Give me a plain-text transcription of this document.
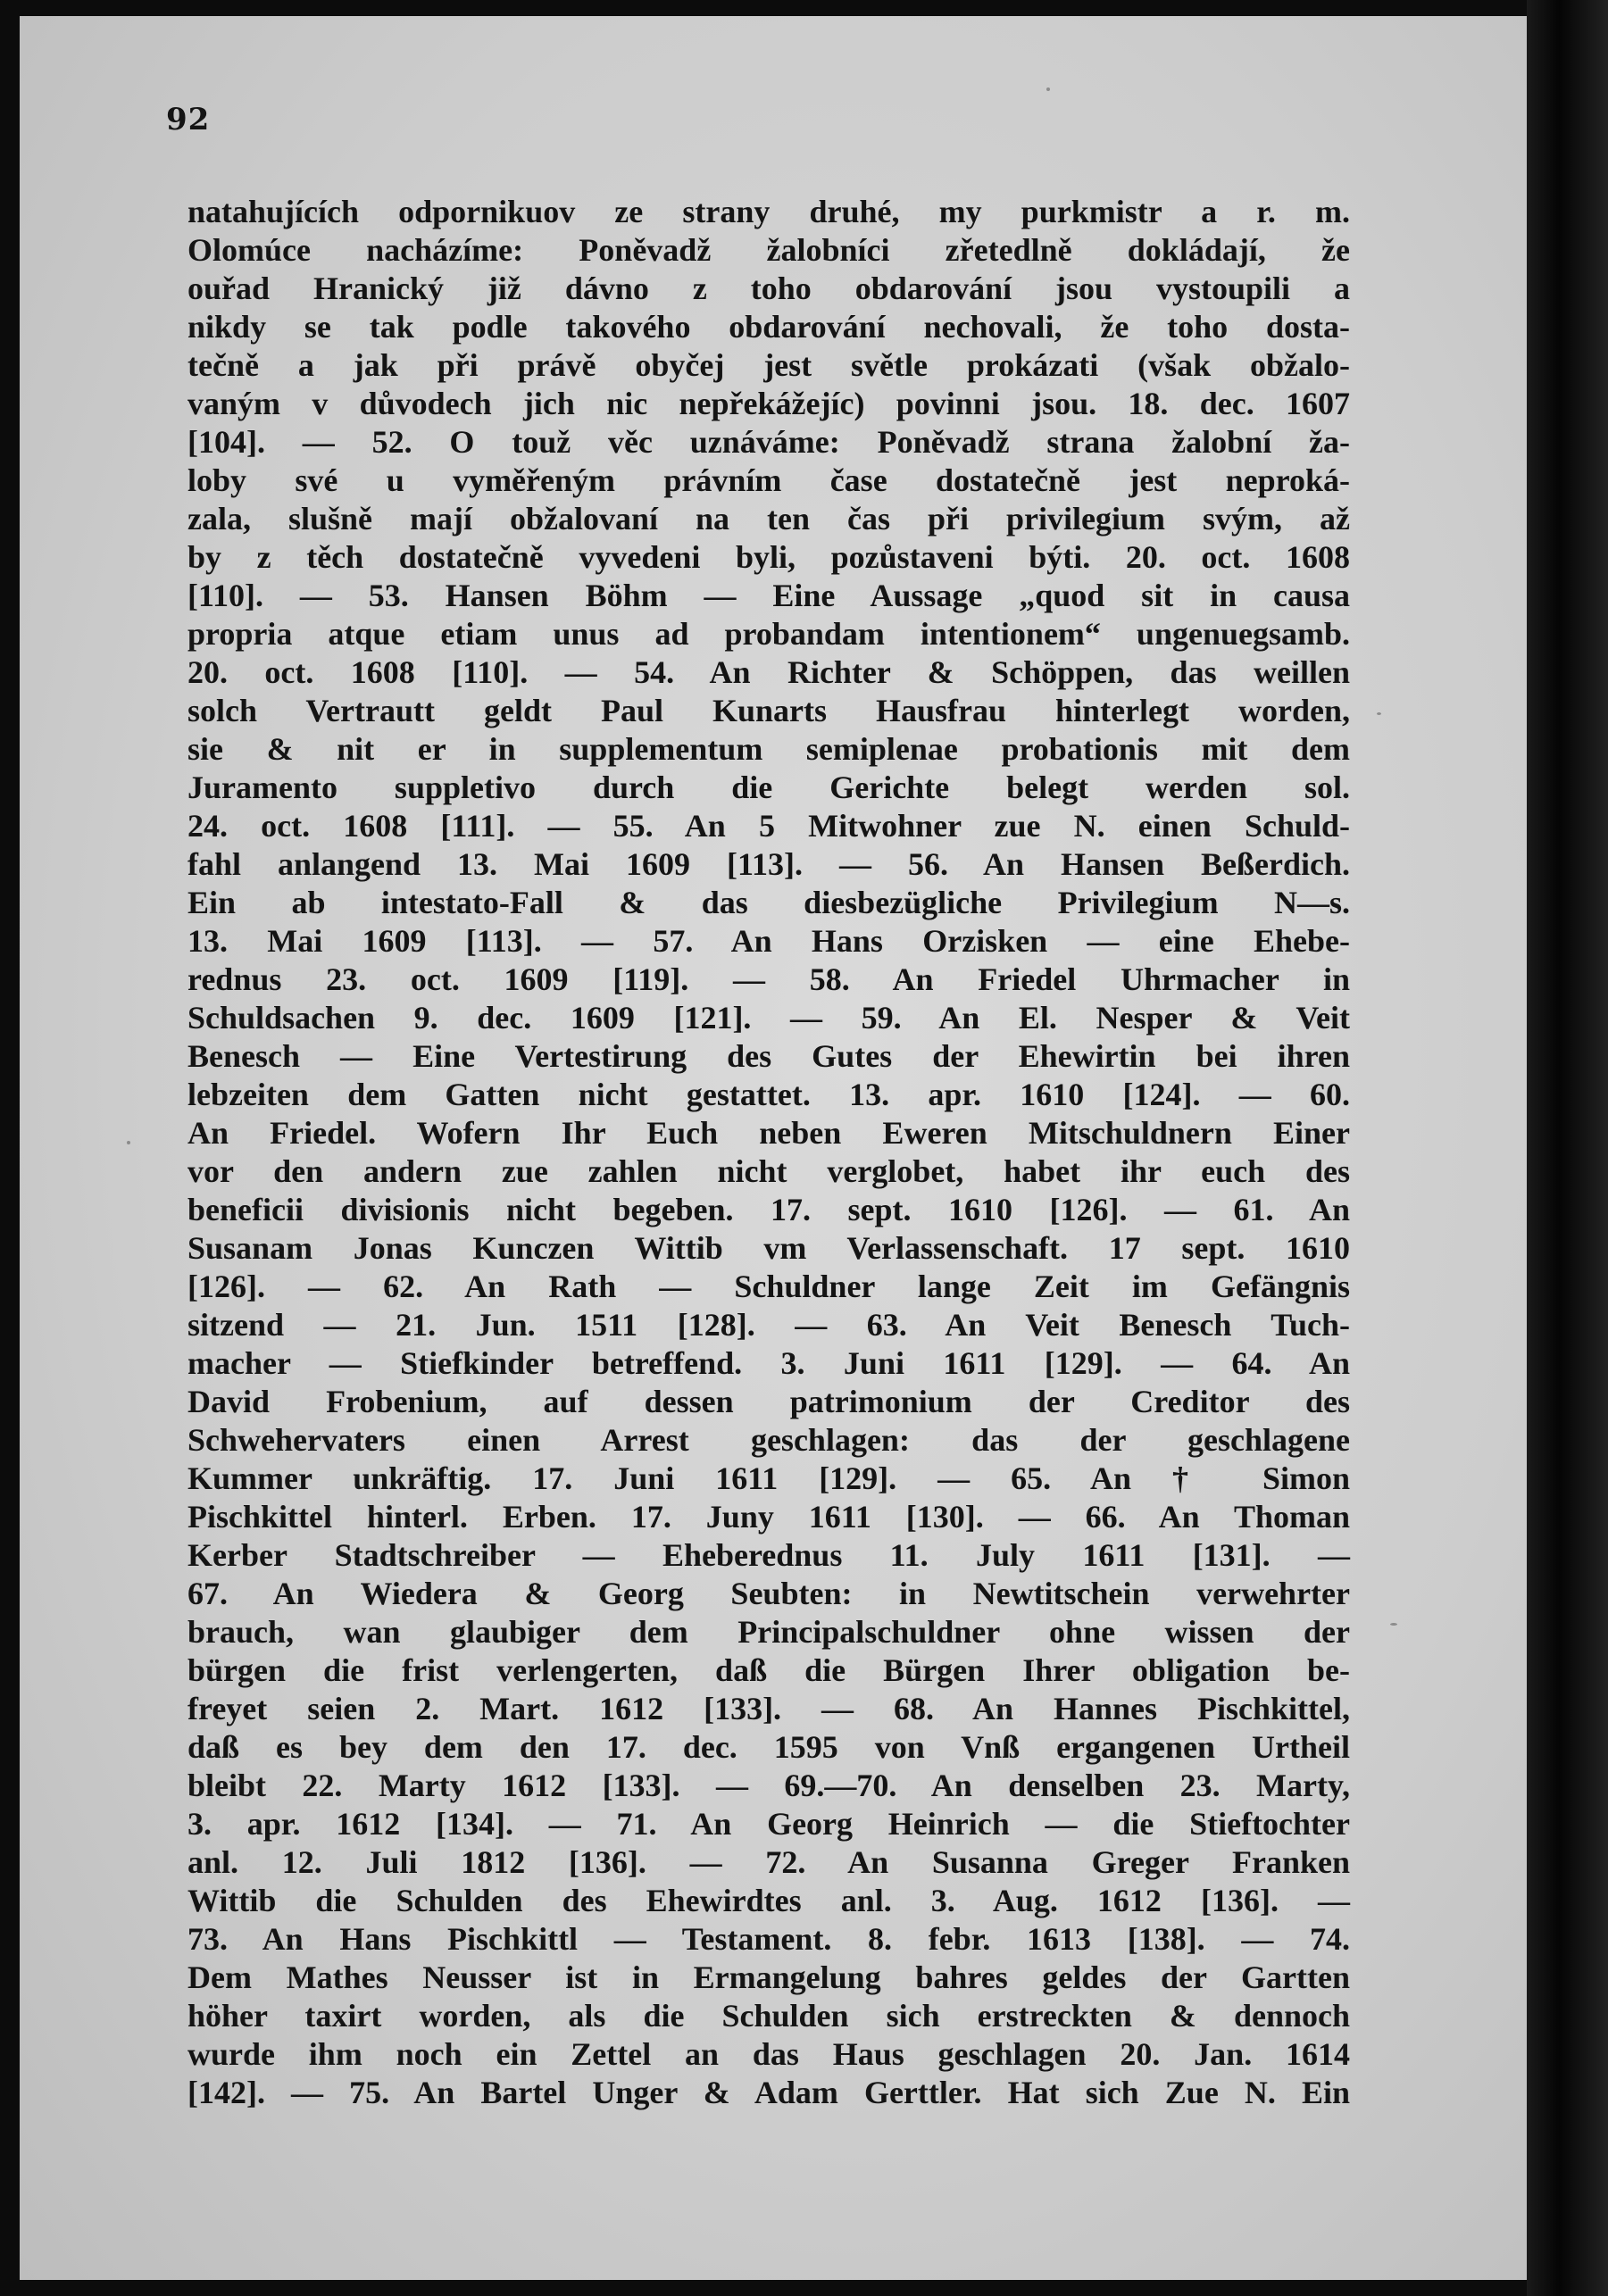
92
natahujících odpornikuov ze strany druhé, my purkmistr a r. m.
Olomúce nacházíme: Poněvadž žalobníci zřetedlně dokládají, že
ouřad Hranický již dávno z toho obdarování jsou vystoupili a
nikdy se tak podle takového obdarování nechovali, že toho dosta-
tečně a jak při právě obyčej jest světle prokázati (však obžalo-
vaným v důvodech jich nic nepřekážejíc) povinni jsou. 18. dec. 1607
[104]. — 52. O touž věc uznáváme: Poněvadž strana žalobní ža-
loby své u vyměřeným právním čase dostatečně jest neproká-
zala, slušně mají obžalovaní na ten čas při privilegium svým, až
by z těch dostatečně vyvedeni byli, pozůstaveni býti. 20. oct. 1608
[110]. — 53. Hansen Böhm — Eine Aussage „quod sit in causa
propria atque etiam unus ad probandam intentionem“ ungenuegsamb.
20. oct. 1608 [110]. — 54. An Richter & Schöppen, das weillen
solch Vertrautt geldt Paul Kunarts Hausfrau hinterlegt worden,
sie & nit er in supplementum semiplenae probationis mit dem
Juramento suppletivo durch die Gerichte belegt werden sol.
24. oct. 1608 [111]. — 55. An 5 Mitwohner zue N. einen Schuld-
fahl anlangend 13. Mai 1609 [113]. — 56. An Hansen Beßerdich.
Ein ab intestato-Fall & das diesbezügliche Privilegium N—s.
13. Mai 1609 [113]. — 57. An Hans Orzisken — eine Ehebe-
rednus 23. oct. 1609 [119]. — 58. An Friedel Uhrmacher in
Schuldsachen 9. dec. 1609 [121]. — 59. An El. Nesper & Veit
Benesch — Eine Vertestirung des Gutes der Ehewirtin bei ihren
lebzeiten dem Gatten nicht gestattet. 13. apr. 1610 [124]. — 60.
An Friedel. Wofern Ihr Euch neben Eweren Mitschuldnern Einer
vor den andern zue zahlen nicht verglobet, habet ihr euch des
beneficii divisionis nicht begeben. 17. sept. 1610 [126]. — 61. An
Susanam Jonas Kunczen Wittib vm Verlassenschaft. 17 sept. 1610
[126]. — 62. An Rath — Schuldner lange Zeit im Gefängnis
sitzend — 21. Jun. 1511 [128]. — 63. An Veit Benesch Tuch-
macher — Stiefkinder betreffend. 3. Juni 1611 [129]. — 64. An
David Frobenium, auf dessen patrimonium der Creditor des
Schwehervaters einen Arrest geschlagen: das der geschlagene
Kummer unkräftig. 17. Juni 1611 [129]. — 65. An † Simon
Pischkittel hinterl. Erben. 17. Juny 1611 [130]. — 66. An Thoman
Kerber Stadtschreiber — Eheberednus 11. July 1611 [131]. —
67. An Wiedera & Georg Seubten: in Newtitschein verwehrter
brauch, wan glaubiger dem Principalschuldner ohne wissen der
bürgen die frist verlengerten, daß die Bürgen Ihrer obligation be-
freyet seien 2. Mart. 1612 [133]. — 68. An Hannes Pischkittel,
daß es bey dem den 17. dec. 1595 von Vnß ergangenen Urtheil
bleibt 22. Marty 1612 [133]. — 69.—70. An denselben 23. Marty,
3. apr. 1612 [134]. — 71. An Georg Heinrich — die Stieftochter
anl. 12. Juli 1812 [136]. — 72. An Susanna Greger Franken
Wittib die Schulden des Ehewirdtes anl. 3. Aug. 1612 [136]. —
73. An Hans Pischkittl — Testament. 8. febr. 1613 [138]. — 74.
Dem Mathes Neusser ist in Ermangelung bahres geldes der Gartten
höher taxirt worden, als die Schulden sich erstreckten & dennoch
wurde ihm noch ein Zettel an das Haus geschlagen 20. Jan. 1614
[142]. — 75. An Bartel Unger & Adam Gerttler. Hat sich Zue N. Ein
